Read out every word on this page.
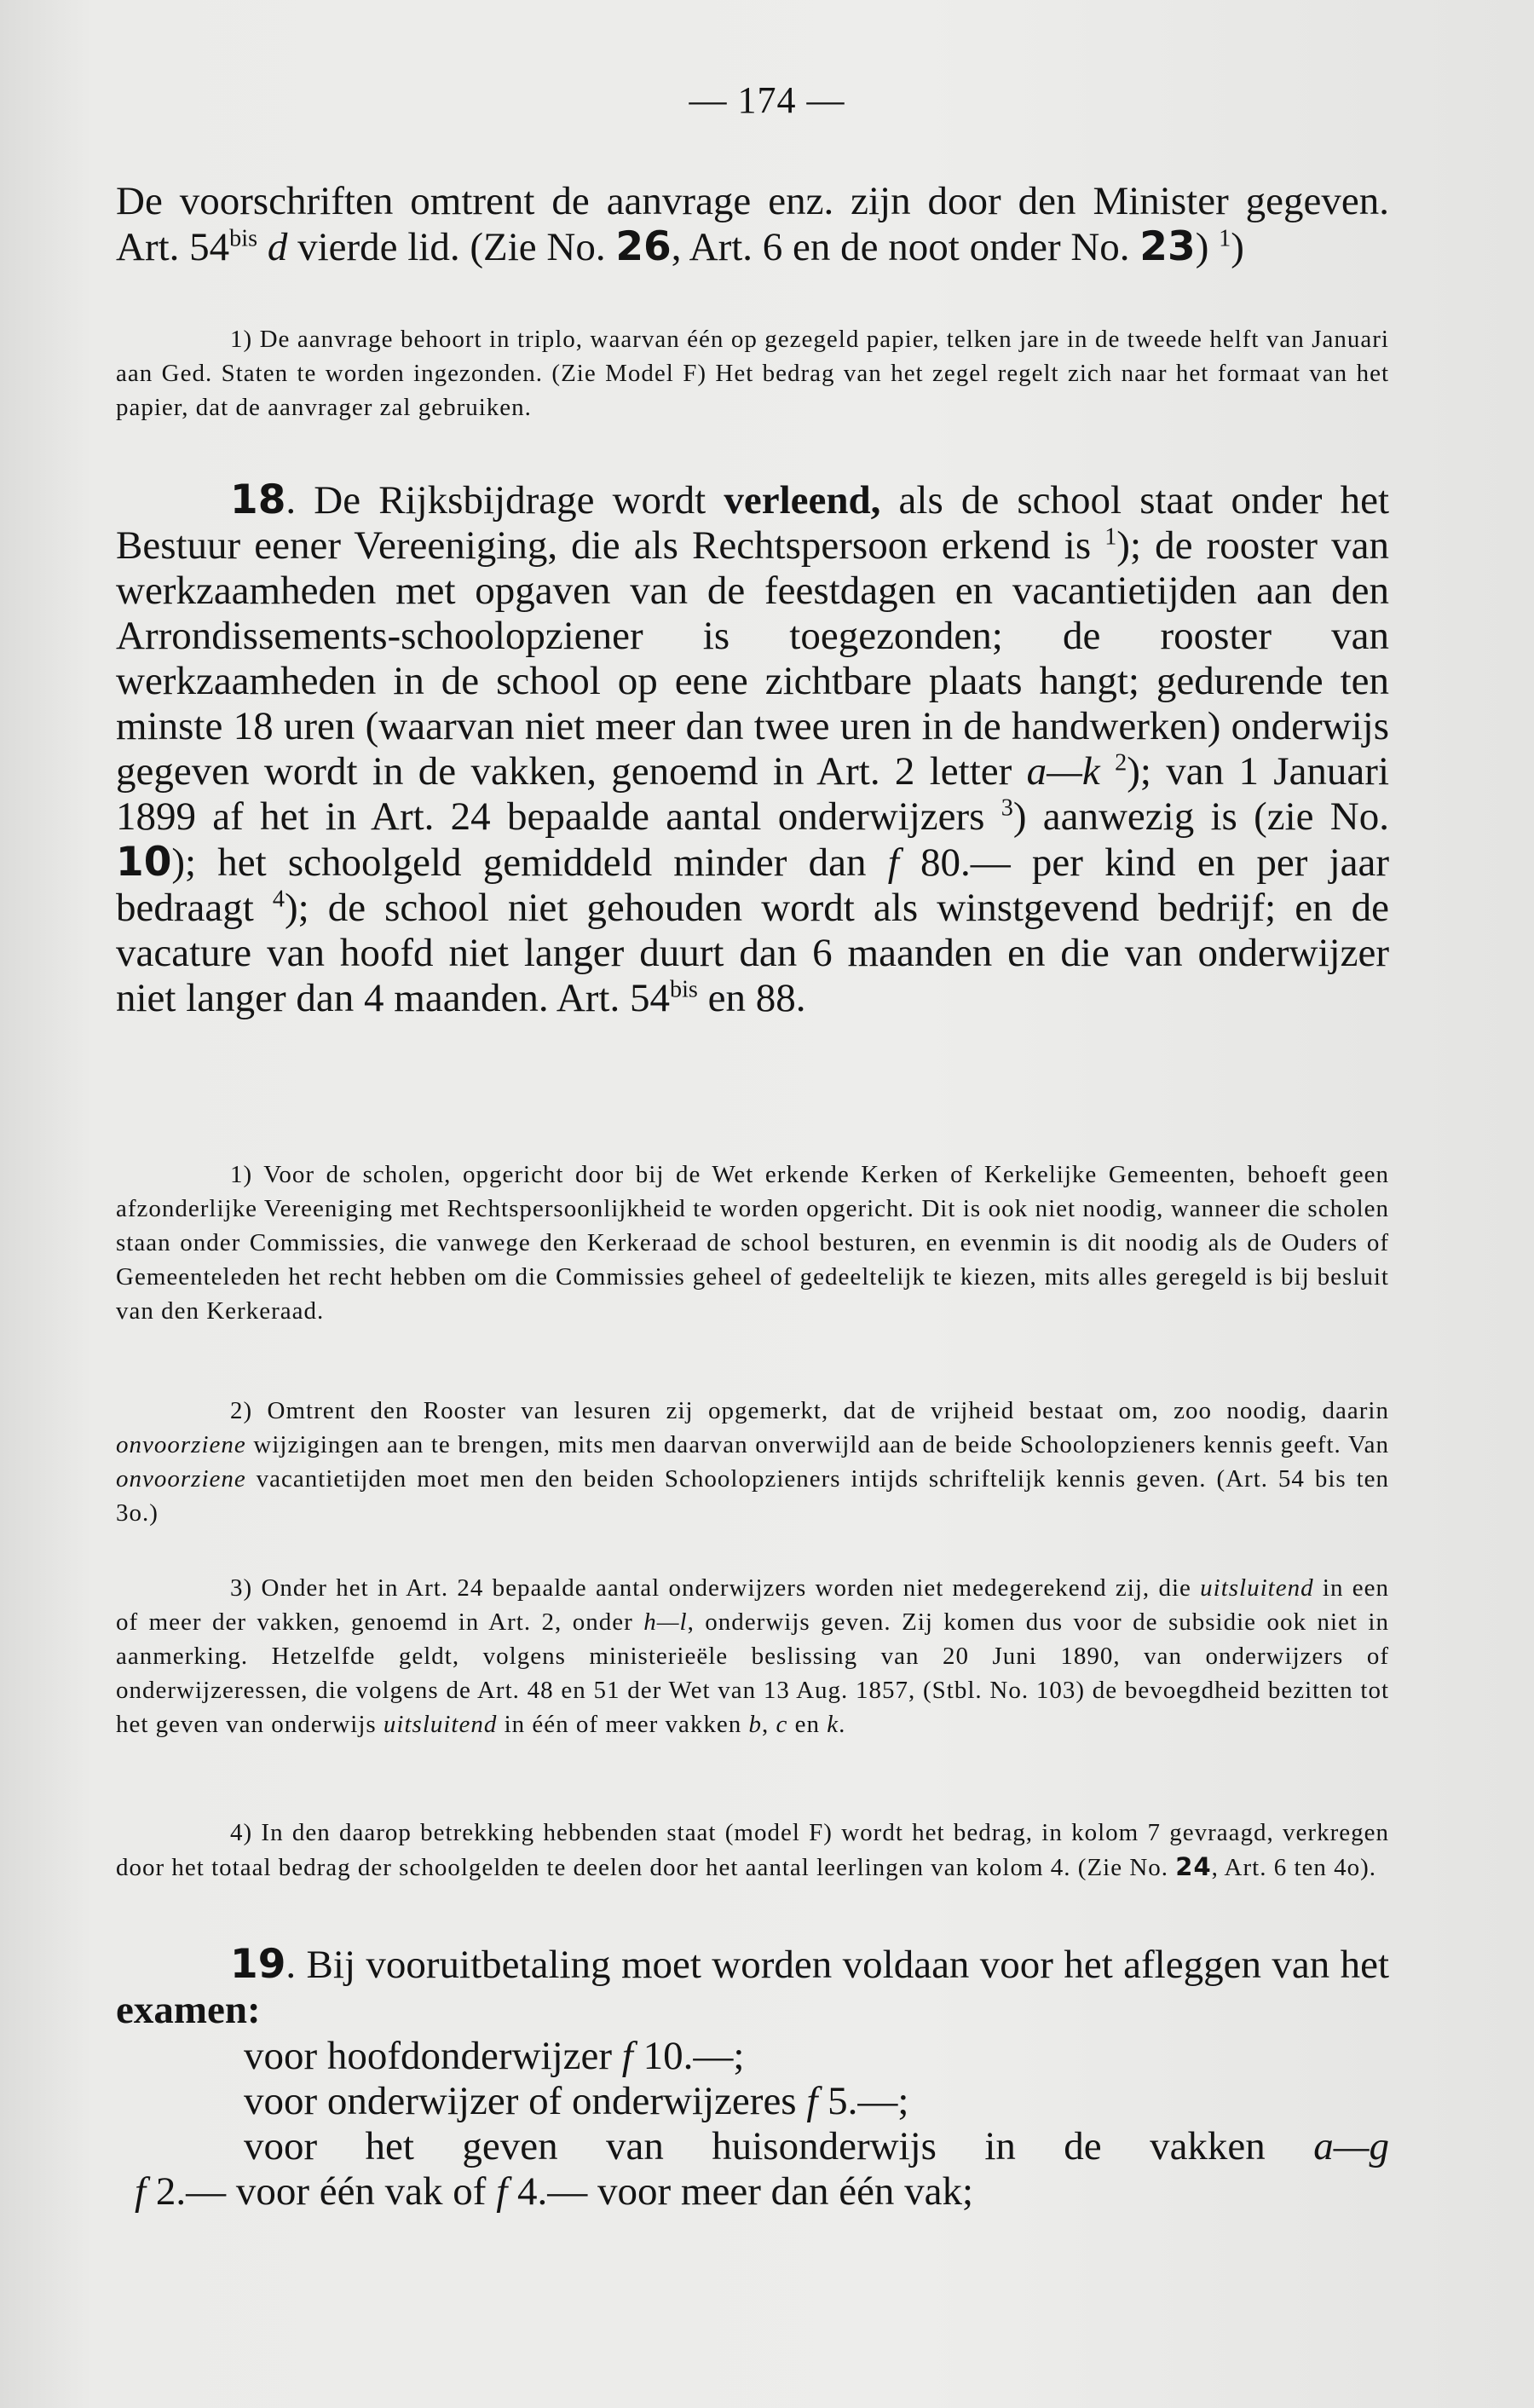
— 174 —

De voorschriften omtrent de aanvrage enz. zijn door den Minister gegeven. Art. $54^{bis}$ d vierde lid. (Zie No. 26, Art. 6 en de noot onder No. 23) $^1$)

1) De aanvrage behoort in triplo, waarvan één op gezegeld papier, telken jare in de tweede helft van Januari aan Ged. Staten te worden ingezonden. (Zie Model F) Het bedrag van het zegel regelt zich naar het formaat van het papier, dat de aanvrager zal gebruiken.

18. De Rijksbijdrage wordt verleend, als de school staat onder het Bestuur eener Vereeniging, die als Rechtspersoon erkend is $^1$); de rooster van werkzaamheden met opgaven van de feestdagen en vacantietijden aan den Arrondissements-schoolopziener is toegezonden; de rooster van werkzaamheden in de school op eene zichtbare plaats hangt; gedurende ten minste 18 uren (waarvan niet meer dan twee uren in de handwerken) onderwijs gegeven wordt in de vakken, genoemd in Art. 2 letter a—k $^2$); van 1 Januari 1899 af het in Art. 24 bepaalde aantal onderwijzers $^3$) aanwezig is (zie No. 10); het schoolgeld gemiddeld minder dan f 80.— per kind en per jaar bedraagt $^4$); de school niet gehouden wordt als winstgevend bedrijf; en de vacature van hoofd niet langer duurt dan 6 maanden en die van onderwijzer niet langer dan 4 maanden. Art. $54^{bis}$ en 88.

1) Voor de scholen, opgericht door bij de Wet erkende Kerken of Kerkelijke Gemeenten, behoeft geen afzonderlijke Vereeniging met Rechtspersoonlijkheid te worden opgericht. Dit is ook niet noodig, wanneer die scholen staan onder Commissies, die vanwege den Kerkeraad de school besturen, en evenmin is dit noodig als de Ouders of Gemeenteleden het recht hebben om die Commissies geheel of gedeeltelijk te kiezen, mits alles geregeld is bij besluit van den Kerkeraad.

2) Omtrent den Rooster van lesuren zij opgemerkt, dat de vrijheid bestaat om, zoo noodig, daarin onvoorziene wijzigingen aan te brengen, mits men daarvan onverwijld aan de beide Schoolopzieners kennis geeft. Van onvoorziene vacantietijden moet men den beiden Schoolopzieners intijds schriftelijk kennis geven. (Art. 54 bis ten 3o.)

3) Onder het in Art. 24 bepaalde aantal onderwijzers worden niet medegerekend zij, die uitsluitend in een of meer der vakken, genoemd in Art. 2, onder h—l, onderwijs geven. Zij komen dus voor de subsidie ook niet in aanmerking. Hetzelfde geldt, volgens ministerieële beslissing van 20 Juni 1890, van onderwijzers of onderwijzeressen, die volgens de Art. 48 en 51 der Wet van 13 Aug. 1857, (Stbl. No. 103) de bevoegdheid bezitten tot het geven van onderwijs uitsluitend in één of meer vakken b, c en k.

4) In den daarop betrekking hebbenden staat (model F) wordt het bedrag, in kolom 7 gevraagd, verkregen door het totaal bedrag der schoolgelden te deelen door het aantal leerlingen van kolom 4. (Zie No. 24, Art. 6 ten 4o).

19. Bij vooruitbetaling moet worden voldaan voor het afleggen van het examen:

voor hoofdonderwijzer f 10.—;
voor onderwijzer of onderwijzeres f 5.—;
voor het geven van huisonderwijs in de vakken a—g
f 2.— voor één vak of f 4.— voor meer dan één vak;
